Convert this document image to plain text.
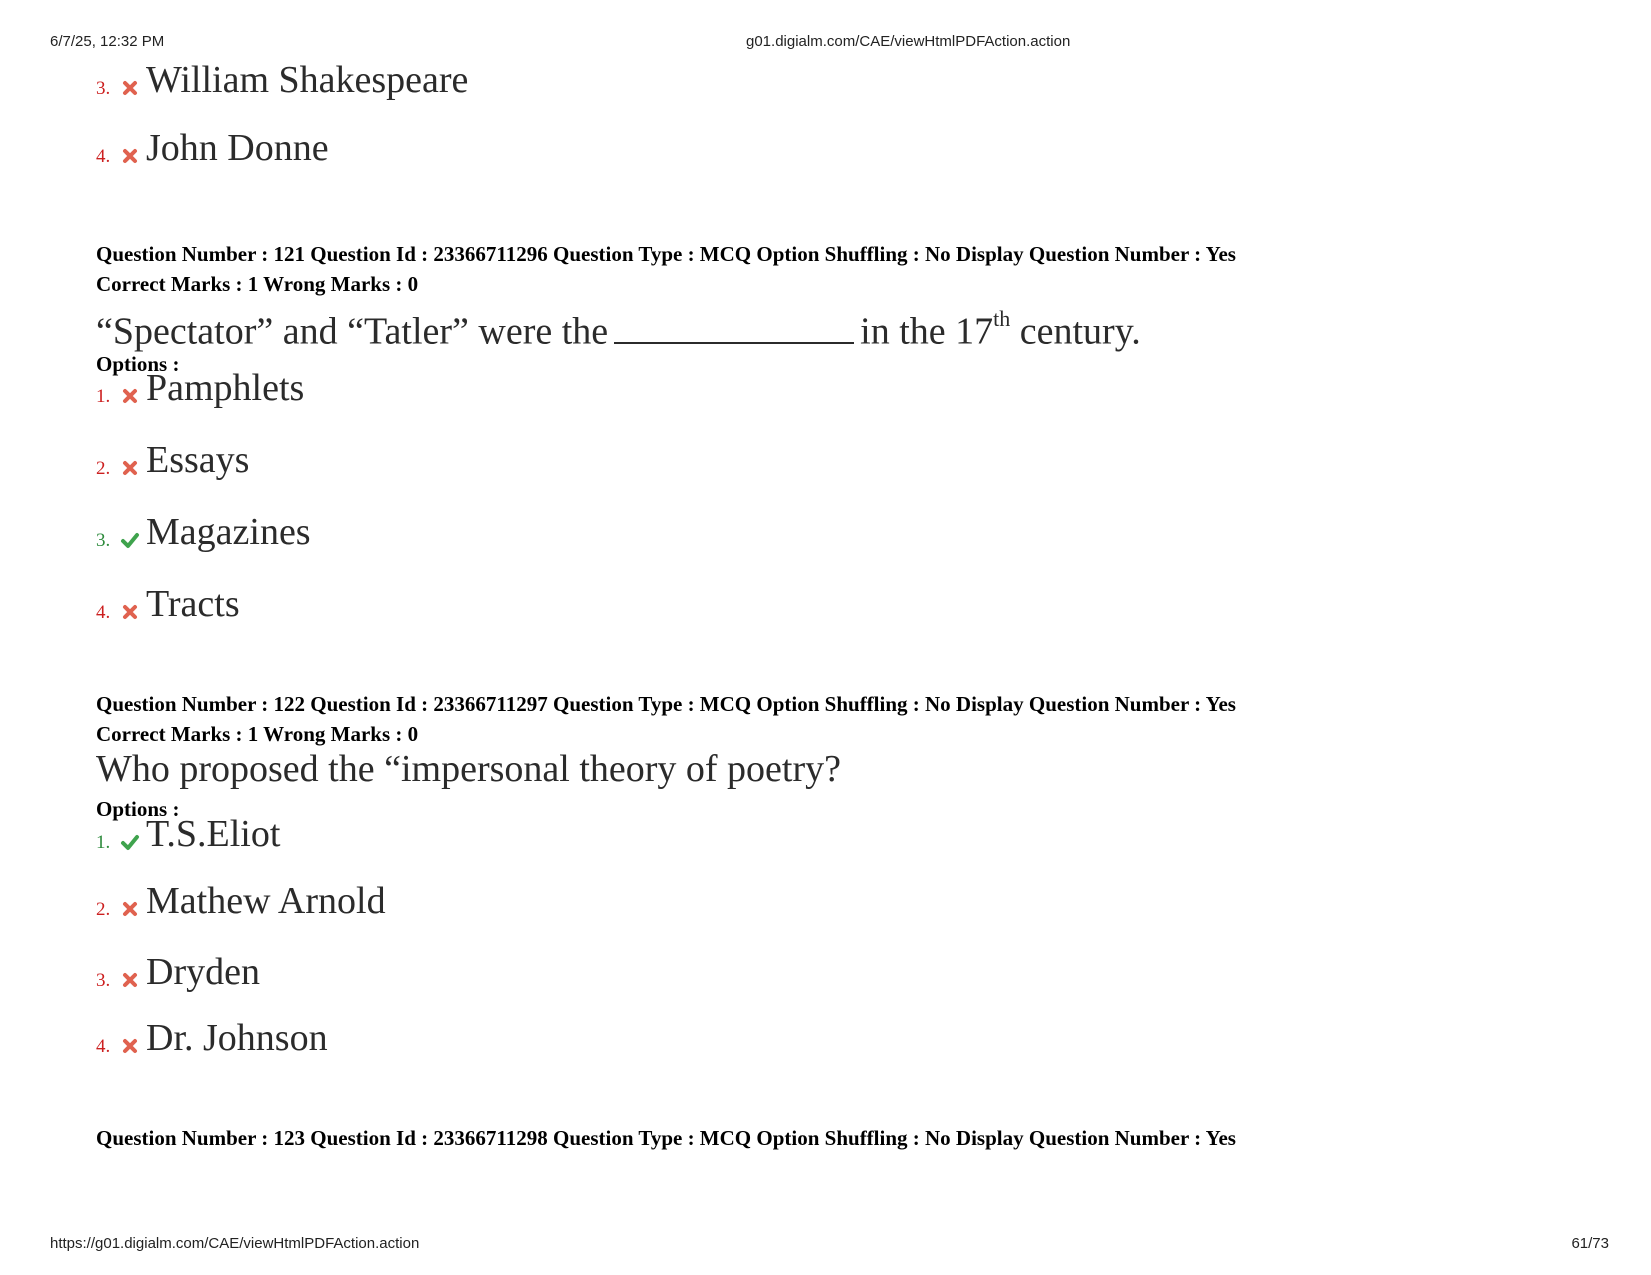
6/7/25, 12:32 PM	g01.digialm.com/CAE/viewHtmlPDFAction.action
3. William Shakespeare
4. John Donne
Question Number : 121 Question Id : 23366711296 Question Type : MCQ Option Shuffling : No Display Question Number : Yes
Correct Marks : 1 Wrong Marks : 0
“Spectator” and “Tatler” were the	in the 17th century.
Options :
1. Pamphlets
2. Essays
3. Magazines
4. Tracts
Question Number : 122 Question Id : 23366711297 Question Type : MCQ Option Shuffling : No Display Question Number : Yes
Correct Marks : 1 Wrong Marks : 0
Who proposed the “impersonal theory of poetry?
Options :
1. T.S.Eliot
2. Mathew Arnold
3. Dryden
4. Dr. Johnson
Question Number : 123 Question Id : 23366711298 Question Type : MCQ Option Shuffling : No Display Question Number : Yes
https://g01.digialm.com/CAE/viewHtmlPDFAction.action	61/73
